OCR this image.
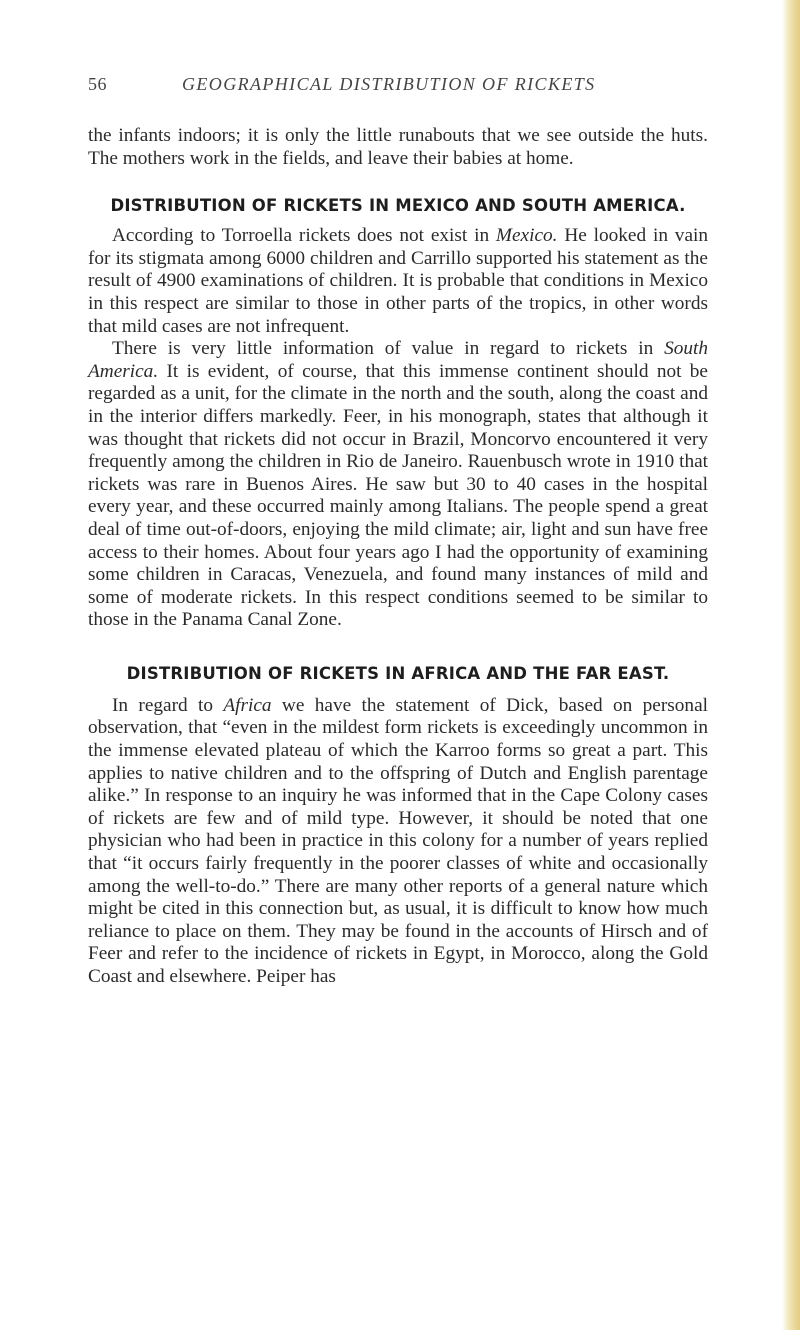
56	GEOGRAPHICAL DISTRIBUTION OF RICKETS

the infants indoors; it is only the little runabouts that we see outside the huts. The mothers work in the fields, and leave their babies at home.

DISTRIBUTION OF RICKETS IN MEXICO AND SOUTH AMERICA.

According to Torroella rickets does not exist in Mexico. He looked in vain for its stigmata among 6000 children and Carrillo supported his statement as the result of 4900 examinations of children. It is probable that conditions in Mexico in this respect are similar to those in other parts of the tropics, in other words that mild cases are not infrequent.

There is very little information of value in regard to rickets in South America. It is evident, of course, that this immense continent should not be regarded as a unit, for the climate in the north and the south, along the coast and in the interior differs markedly. Feer, in his monograph, states that although it was thought that rickets did not occur in Brazil, Moncorvo encountered it very frequently among the children in Rio de Janeiro. Rauenbusch wrote in 1910 that rickets was rare in Buenos Aires. He saw but 30 to 40 cases in the hospital every year, and these occurred mainly among Italians. The people spend a great deal of time out-of-doors, enjoying the mild climate; air, light and sun have free access to their homes. About four years ago I had the opportunity of examining some children in Caracas, Venezuela, and found many instances of mild and some of moderate rickets. In this respect conditions seemed to be similar to those in the Panama Canal Zone.

DISTRIBUTION OF RICKETS IN AFRICA AND THE FAR EAST.

In regard to Africa we have the statement of Dick, based on personal observation, that “even in the mildest form rickets is exceedingly uncommon in the immense elevated plateau of which the Karroo forms so great a part. This applies to native children and to the offspring of Dutch and English parentage alike.” In response to an inquiry he was informed that in the Cape Colony cases of rickets are few and of mild type. However, it should be noted that one physician who had been in practice in this colony for a number of years replied that “it occurs fairly frequently in the poorer classes of white and occasionally among the well-to-do.” There are many other reports of a general nature which might be cited in this connection but, as usual, it is difficult to know how much reliance to place on them. They may be found in the accounts of Hirsch and of Feer and refer to the incidence of rickets in Egypt, in Morocco, along the Gold Coast and elsewhere. Peiper has
